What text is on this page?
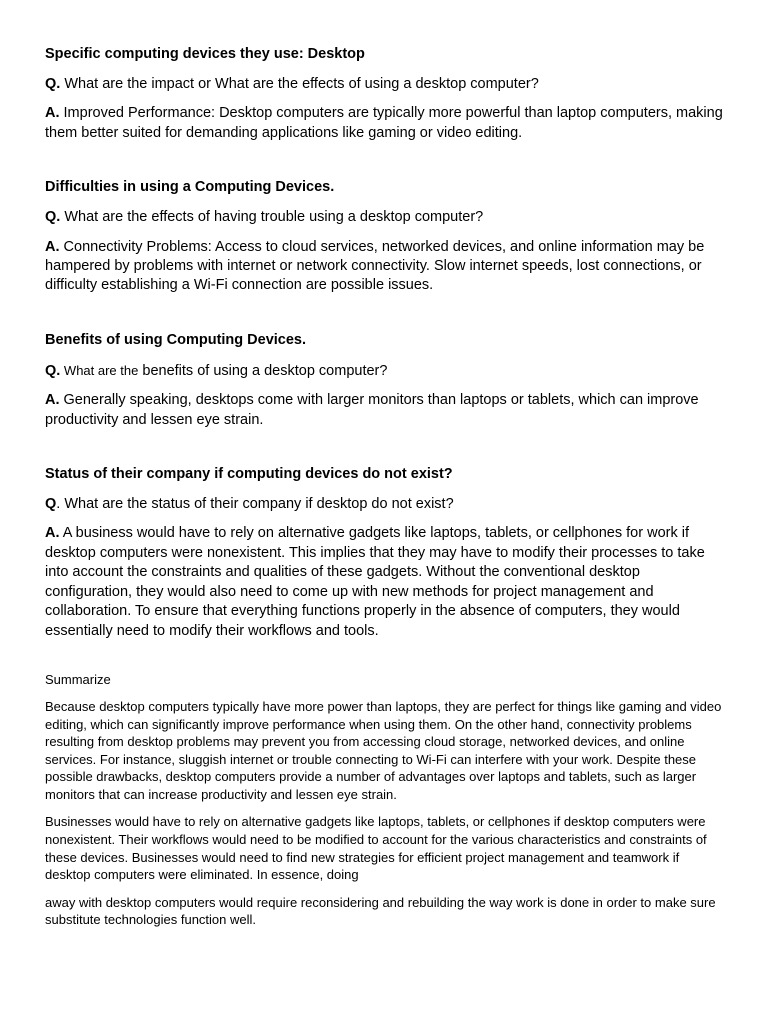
Specific computing devices they use: Desktop

Q. What are the impact or What are the effects of using a desktop computer?

A. Improved Performance: Desktop computers are typically more powerful than laptop computers, making them better suited for demanding applications like gaming or video editing.

Difficulties in using a Computing Devices.

Q. What are the effects of having trouble using a desktop computer?

A. Connectivity Problems: Access to cloud services, networked devices, and online information may be hampered by problems with internet or network connectivity. Slow internet speeds, lost connections, or difficulty establishing a Wi-Fi connection are possible issues.

Benefits of using Computing Devices.

Q. What are the benefits of using a desktop computer?

A. Generally speaking, desktops come with larger monitors than laptops or tablets, which can improve productivity and lessen eye strain.

Status of their company if computing devices do not exist?

Q. What are the status of their company if desktop do not exist?

A. A business would have to rely on alternative gadgets like laptops, tablets, or cellphones for work if desktop computers were nonexistent. This implies that they may have to modify their processes to take into account the constraints and qualities of these gadgets. Without the conventional desktop configuration, they would also need to come up with new methods for project management and collaboration. To ensure that everything functions properly in the absence of computers, they would essentially need to modify their workflows and tools.

Summarize

Because desktop computers typically have more power than laptops, they are perfect for things like gaming and video editing, which can significantly improve performance when using them. On the other hand, connectivity problems resulting from desktop problems may prevent you from accessing cloud storage, networked devices, and online services. For instance, sluggish internet or trouble connecting to Wi-Fi can interfere with your work. Despite these possible drawbacks, desktop computers provide a number of advantages over laptops and tablets, such as larger monitors that can increase productivity and lessen eye strain.

Businesses would have to rely on alternative gadgets like laptops, tablets, or cellphones if desktop computers were nonexistent. Their workflows would need to be modified to account for the various characteristics and constraints of these devices. Businesses would need to find new strategies for efficient project management and teamwork if desktop computers were eliminated. In essence, doing

away with desktop computers would require reconsidering and rebuilding the way work is done in order to make sure substitute technologies function well.
